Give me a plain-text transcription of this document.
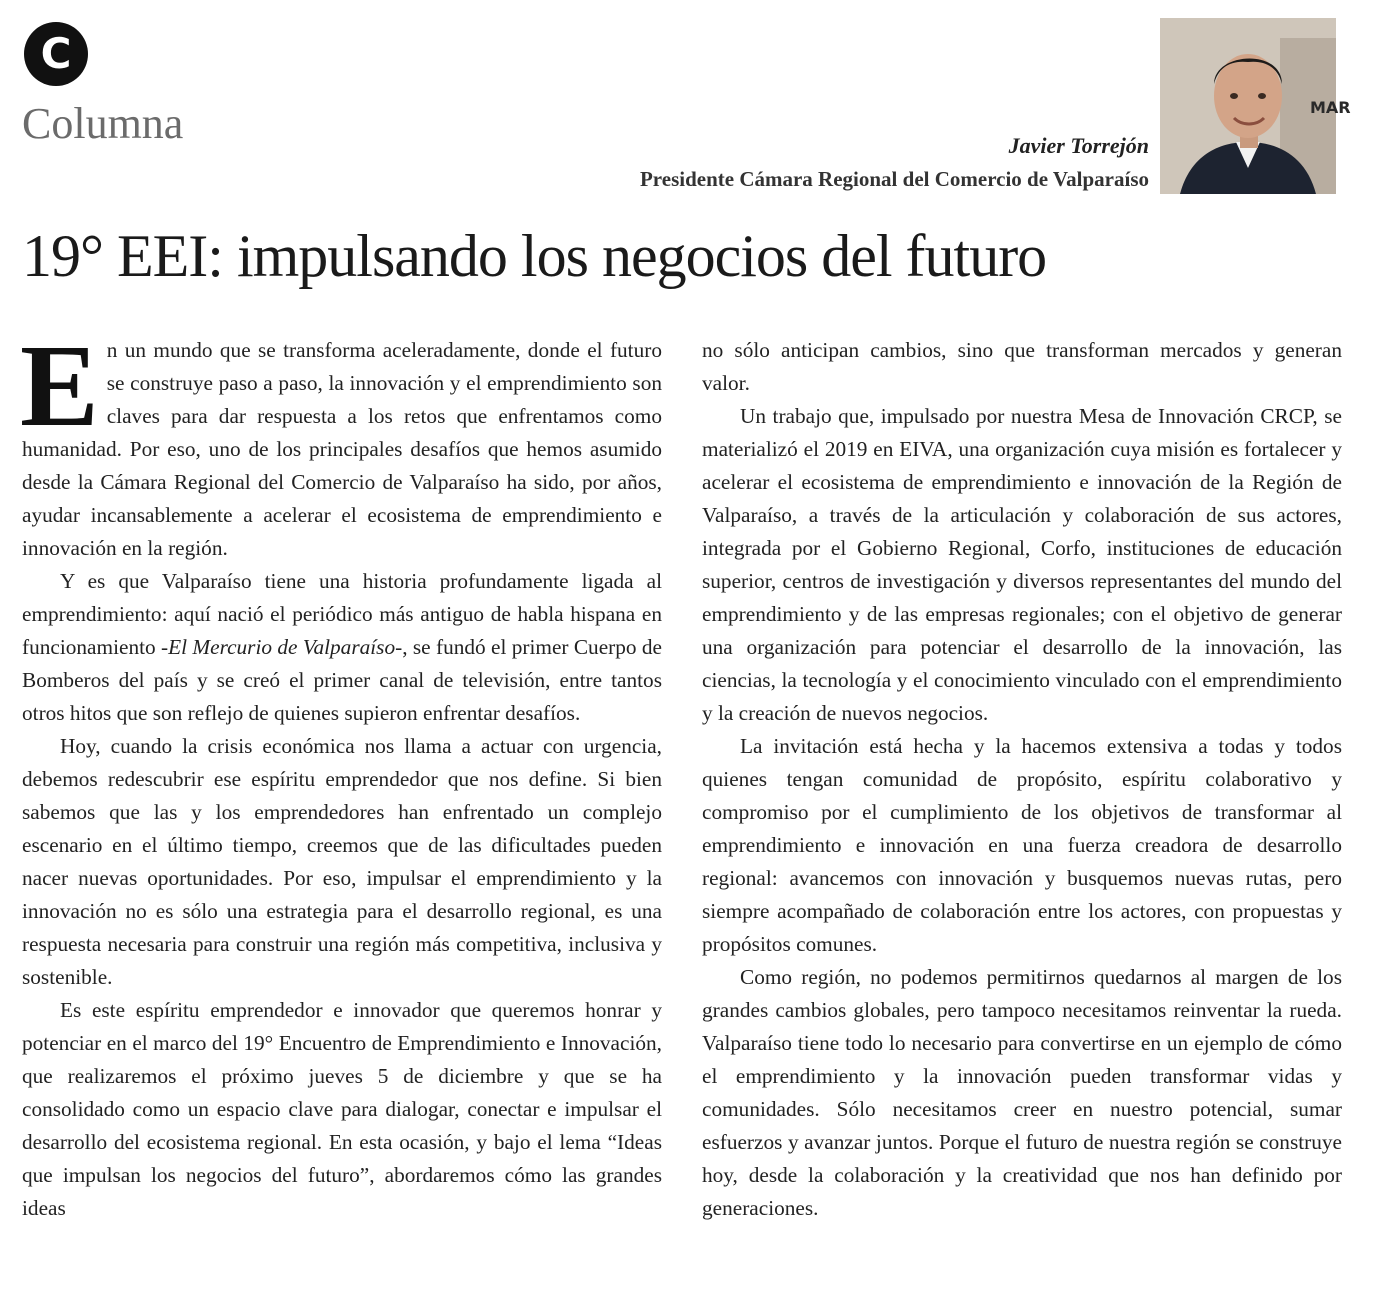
C
Columna	Javier Torrejón
Presidente Cámara Regional del Comercio de Valparaíso
MAR
19° EEI: impulsando los negocios del futuro

En un mundo que se transforma aceleradamente, donde el futuro se construye paso a paso, la innovación y el emprendimiento son claves para dar respuesta a los retos que enfrentamos como humanidad. Por eso, uno de los principales desafíos que hemos asumido desde la Cámara Regional del Comercio de Valparaíso ha sido, por años, ayudar incansablemente a acelerar el ecosistema de emprendimiento e innovación en la región.

Y es que Valparaíso tiene una historia profundamente ligada al emprendimiento: aquí nació el periódico más antiguo de habla hispana en funcionamiento -El Mercurio de Valparaíso-, se fundó el primer Cuerpo de Bomberos del país y se creó el primer canal de televisión, entre tantos otros hitos que son reflejo de quienes supieron enfrentar desafíos.

Hoy, cuando la crisis económica nos llama a actuar con urgencia, debemos redescubrir ese espíritu emprendedor que nos define. Si bien sabemos que las y los emprendedores han enfrentado un complejo escenario en el último tiempo, creemos que de las dificultades pueden nacer nuevas oportunidades. Por eso, impulsar el emprendimiento y la innovación no es sólo una estrategia para el desarrollo regional, es una respuesta necesaria para construir una región más competitiva, inclusiva y sostenible.

Es este espíritu emprendedor e innovador que queremos honrar y potenciar en el marco del 19° Encuentro de Emprendimiento e Innovación, que realizaremos el próximo jueves 5 de diciembre y que se ha consolidado como un espacio clave para dialogar, conectar e impulsar el desarrollo del ecosistema regional. En esta ocasión, y bajo el lema “Ideas que impulsan los negocios del futuro”, abordaremos cómo las grandes ideas

no sólo anticipan cambios, sino que transforman mercados y generan valor.

Un trabajo que, impulsado por nuestra Mesa de Innovación CRCP, se materializó el 2019 en EIVA, una organización cuya misión es fortalecer y acelerar el ecosistema de emprendimiento e innovación de la Región de Valparaíso, a través de la articulación y colaboración de sus actores, integrada por el Gobierno Regional, Corfo, instituciones de educación superior, centros de investigación y diversos representantes del mundo del emprendimiento y de las empresas regionales; con el objetivo de generar una organización para potenciar el desarrollo de la innovación, las ciencias, la tecnología y el conocimiento vinculado con el emprendimiento y la creación de nuevos negocios.

La invitación está hecha y la hacemos extensiva a todas y todos quienes tengan comunidad de propósito, espíritu colaborativo y compromiso por el cumplimiento de los objetivos de transformar al emprendimiento e innovación en una fuerza creadora de desarrollo regional: avancemos con innovación y busquemos nuevas rutas, pero siempre acompañado de colaboración entre los actores, con propuestas y propósitos comunes.

Como región, no podemos permitirnos quedarnos al margen de los grandes cambios globales, pero tampoco necesitamos reinventar la rueda. Valparaíso tiene todo lo necesario para convertirse en un ejemplo de cómo el emprendimiento y la innovación pueden transformar vidas y comunidades. Sólo necesitamos creer en nuestro potencial, sumar esfuerzos y avanzar juntos. Porque el futuro de nuestra región se construye hoy, desde la colaboración y la creatividad que nos han definido por generaciones.
